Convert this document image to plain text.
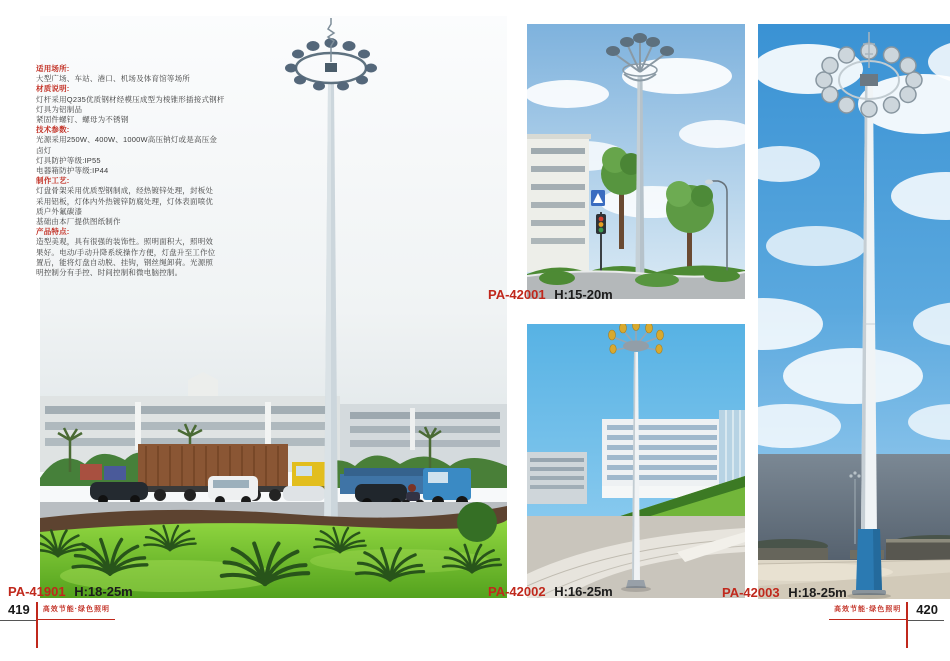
适用场所:

大型广场、车站、港口、机场及体育馆等场所

材质说明:

灯杆采用Q235优质钢材经模压成型为棱锥形插接式钢杆

灯具为铝制品

紧固件螺钉、螺母为不锈钢

技术参数:

光源采用250W、400W、1000W高压钠灯或是高压金

卤灯

灯具防护等级:IP55

电器箱防护等级:IP44

制作工艺:

灯盘骨架采用优质型钢制成，经热镀锌处理，封板处

采用铝板，灯体内外热镀锌防腐处理，灯体表面喷优

质户外氟碳漆

基础由本厂提供图纸制作

产品特点:

造型美观，具有很强的装饰性。照明面积大，照明效

果好。电动/手动升降系统操作方便，灯盘升至工作位

置后，能将灯盘自动脱、挂钩，钢丝绳卸荷。光源照

明控制分有手控、时间控制和微电脑控制。

PA-41901 H:18-25m
PA-42001 H:15-20m
PA-42002 H:16-25m	PA-42003 H:18-25m
419	高效节能·绿色照明	高效节能·绿色照明	420
